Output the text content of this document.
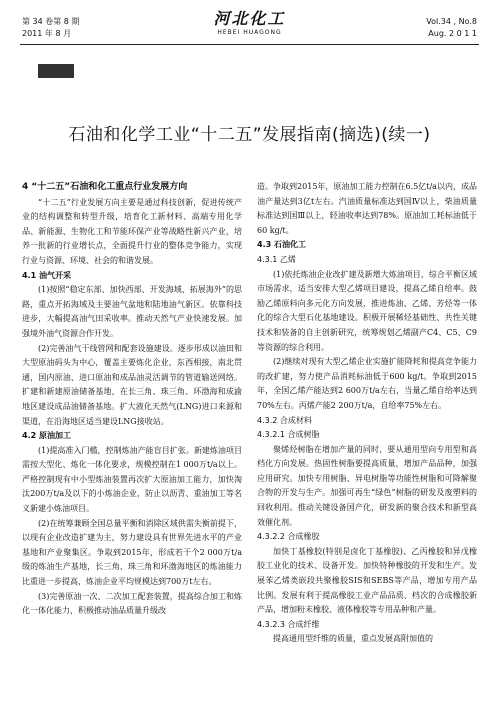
第 34 卷第 8 期
2011 年 8 月
河北化工
HEBEI HUAGONG
Vol.34 , No.8
Aug. 2 0 1 1
石油和化学工业“十二五”发展指南(摘选)(续一)
4 “十二五”石油和化工重点行业发展方向
“十二五”行业发展方向主要是通过科技创新，促进传统产业的结构调整和转型升级，培育化工新材料、高端专用化学品、新能源、生物化工和节能环保产业等战略性新兴产业，培养一批新的行业增长点，全面提升行业的整体竞争能力，实现行业与资源、环境、社会的和谐发展。
4.1 油气开采
(1)按照“稳定东部、加快西部、开发海域、拓展海外”的思路，重点开拓海域及主要油气盆地和陆地油气新区。依靠科技进步，大幅提高油气田采收率。推动天然气产业快速发展。加强境外油气资源合作开发。
(2)完善油气干线管网和配套设施建设。逐步形成以油田和大型原油码头为中心，覆盖主要炼化企业，东西相接，南北贯通，国内原油、进口原油和成品油灵活调节的管道输送网络。扩建和新建原油储备基地，在长三角、珠三角、环渤海和成渝地区建设成品油储备基地。扩大液化天然气(LNG)进口来源和渠道，在沿海地区适当建设LNG接收站。
4.2 原油加工
(1)提高准入门槛，控制炼油产能盲目扩张。新建炼油项目需按大型化、炼化一体化要求，规模控制在1 000万t/a以上。严格控制现有中小型炼油装置再次扩大原油加工能力，加快淘汰200万t/a及以下的小炼油企业，防止以沥青、重油加工等名义新建小炼油项目。
(2)在统筹兼顾全国总量平衡和消除区域供需失衡前提下，以现有企业改造扩建为主，努力建设具有世界先进水平的产业基地和产业聚集区。争取到2015年，形成若干个2 000万t/a级的炼油生产基地，长三角、珠三角和环渤海地区的炼油能力比重进一步提高，炼油企业平均规模达到700万t左右。
(3)完善原油一次、二次加工配套装置，提高综合加工和炼化一体化能力，积极推动油品质量升级改
造。争取到2015年，原油加工能力控制在6.5亿t/a以内，成品油产量达到3亿t左右。汽油质量标准达到国Ⅳ以上，柴油质量标准达到国Ⅲ以上，轻油收率达到78%。原油加工耗标油低于60 kg/t。
4.3 石油化工
4.3.1 乙烯
(1)依托炼油企业改扩建及新增大炼油项目，综合平衡区域市场需求，适当安排大型乙烯项目建设，提高乙烯自给率。鼓励乙烯原料向多元化方向发展，推进炼油、乙烯、芳烃等一体化的综合大型石化基地建设。积极开展稀烃基础性、共性关键技术和装备的自主创新研究，统筹规划乙烯副产C4、C5、C9等资源的综合利用。
(2)继续对现有大型乙烯企业实施扩能降耗和提高竞争能力的改扩建，努力使产品消耗标油低于600 kg/t。争取到2015年，全国乙烯产能达到2 600万t/a左右，当量乙烯自给率达到70%左右。丙烯产能2 200万t/a，自给率75%左右。
4.3.2 合成材料
4.3.2.1 合成树脂
聚烯烃树脂在增加产量的同时，要从通用型向专用型和高档化方向发展。热固性树脂要提高质量，增加产品品种，加强应用研究。加快专用树脂、异电树脂等功能性树脂和可降解聚合物的开发与生产。加强可再生“绿色”树脂的研发及废塑料的回收利用。推动关键设备国产化，研发新的聚合技术和新型高效催化剂。
4.3.2.2 合成橡胶
加快丁基橡胶(特别是卤化丁基橡胶)、乙丙橡胶和异戊橡胶工业化的技术、设备开发。加快特种橡胶的开发和生产。发展苯乙烯类嵌段共聚橡胶SIS和SEBS等产品，增加专用产品比例。发展有利于提高橡胶工业产品品质、档次的合成橡胶新产品，增加粉末橡胶、液体橡胶等专用品种和产量。
4.3.2.3 合成纤维
提高通用型纤维的质量，重点发展高附加值的
